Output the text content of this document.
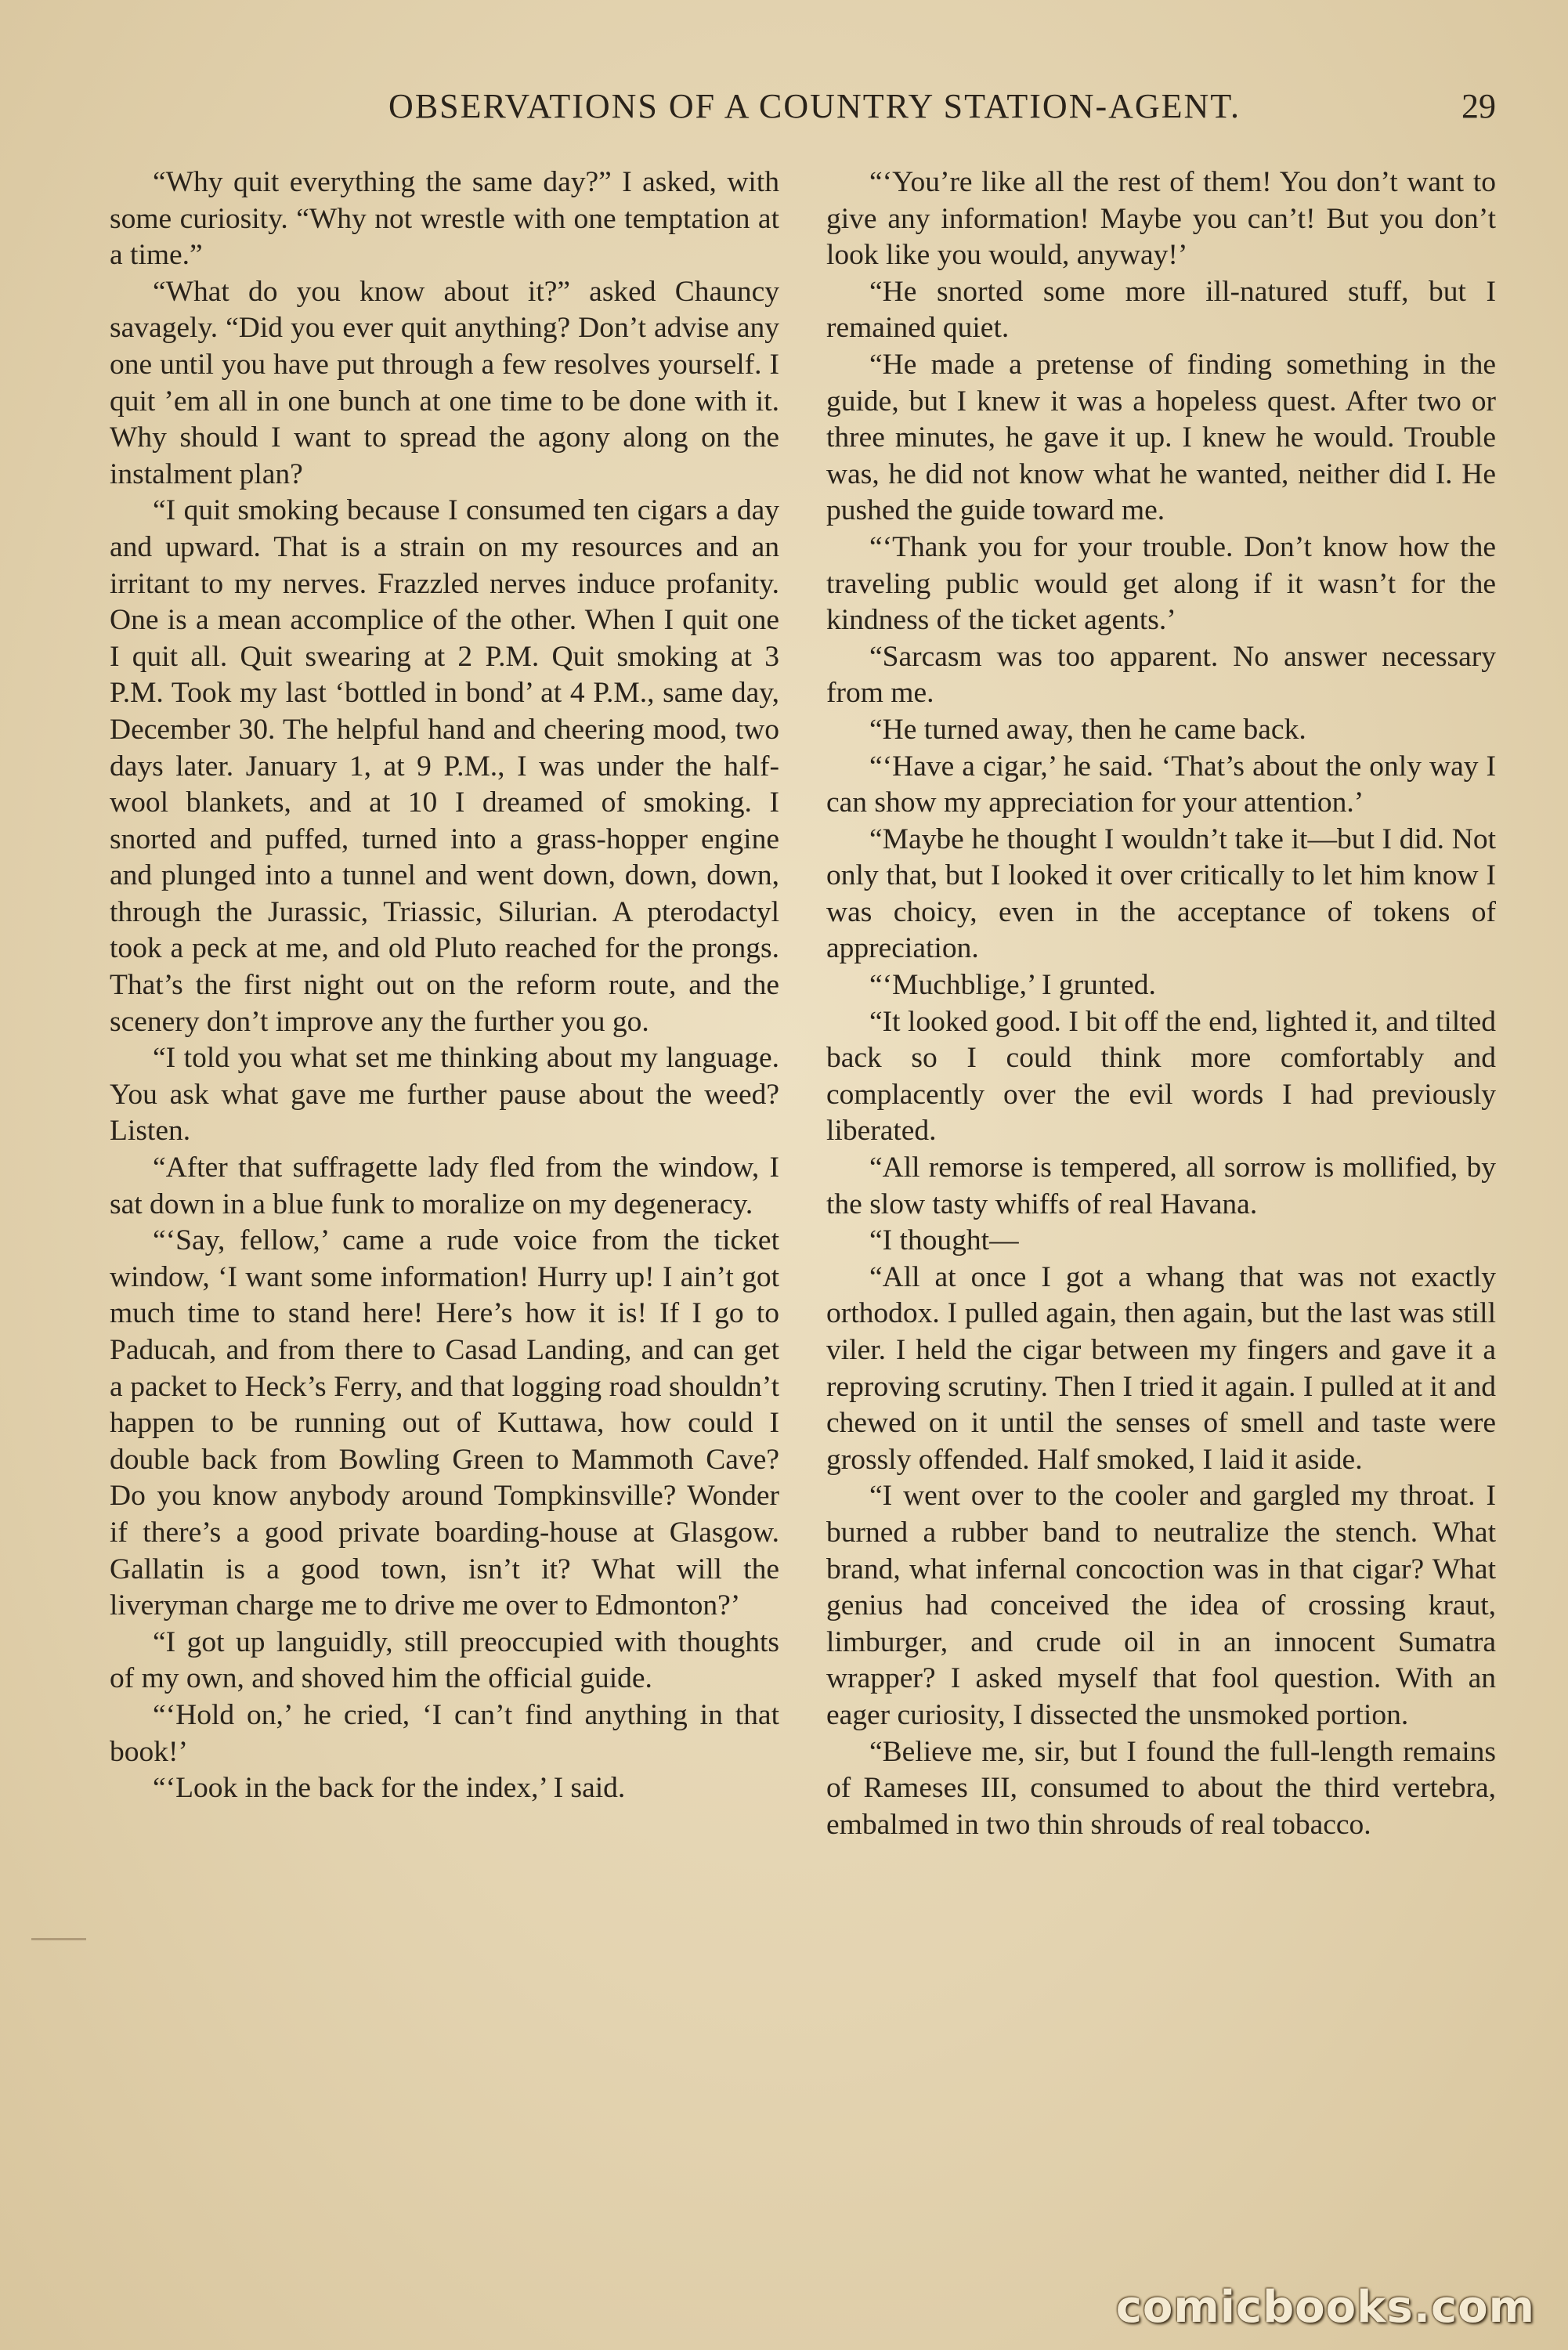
OBSERVATIONS OF A COUNTRY STATION-AGENT.	29

“Why quit everything the same day?” I asked, with some curiosity. “Why not wrestle with one temptation at a time.”

“What do you know about it?” asked Chauncy savagely. “Did you ever quit anything? Don’t advise any one until you have put through a few resolves yourself. I quit ’em all in one bunch at one time to be done with it. Why should I want to spread the agony along on the instalment plan?

“I quit smoking because I consumed ten cigars a day and upward. That is a strain on my resources and an irritant to my nerves. Frazzled nerves induce profanity. One is a mean accomplice of the other. When I quit one I quit all. Quit swearing at 2 P.M. Quit smoking at 3 P.M. Took my last ‘bottled in bond’ at 4 P.M., same day, December 30. The helpful hand and cheering mood, two days later. January 1, at 9 P.M., I was under the half-wool blankets, and at 10 I dreamed of smoking. I snorted and puffed, turned into a grass-hopper engine and plunged into a tunnel and went down, down, down, through the Jurassic, Triassic, Silurian. A pterodactyl took a peck at me, and old Pluto reached for the prongs. That’s the first night out on the reform route, and the scenery don’t improve any the further you go.

“I told you what set me thinking about my language. You ask what gave me further pause about the weed? Listen.

“After that suffragette lady fled from the window, I sat down in a blue funk to moralize on my degeneracy.

“‘Say, fellow,’ came a rude voice from the ticket window, ‘I want some information! Hurry up! I ain’t got much time to stand here! Here’s how it is! If I go to Paducah, and from there to Casad Landing, and can get a packet to Heck’s Ferry, and that logging road shouldn’t happen to be running out of Kuttawa, how could I double back from Bowling Green to Mammoth Cave? Do you know anybody around Tompkinsville? Wonder if there’s a good private boarding-house at Glasgow. Gallatin is a good town, isn’t it? What will the liveryman charge me to drive me over to Edmonton?’

“I got up languidly, still preoccupied with thoughts of my own, and shoved him the official guide.

“‘Hold on,’ he cried, ‘I can’t find anything in that book!’

“‘Look in the back for the index,’ I said.

“‘You’re like all the rest of them! You don’t want to give any information! Maybe you can’t! But you don’t look like you would, anyway!’

“He snorted some more ill-natured stuff, but I remained quiet.

“He made a pretense of finding something in the guide, but I knew it was a hopeless quest. After two or three minutes, he gave it up. I knew he would. Trouble was, he did not know what he wanted, neither did I. He pushed the guide toward me.

“‘Thank you for your trouble. Don’t know how the traveling public would get along if it wasn’t for the kindness of the ticket agents.’

“Sarcasm was too apparent. No answer necessary from me.

“He turned away, then he came back.

“‘Have a cigar,’ he said. ‘That’s about the only way I can show my appreciation for your attention.’

“Maybe he thought I wouldn’t take it—but I did. Not only that, but I looked it over critically to let him know I was choicy, even in the acceptance of tokens of appreciation.

“‘Muchblige,’ I grunted.

“It looked good. I bit off the end, lighted it, and tilted back so I could think more comfortably and complacently over the evil words I had previously liberated.

“All remorse is tempered, all sorrow is mollified, by the slow tasty whiffs of real Havana.

“I thought—

“All at once I got a whang that was not exactly orthodox. I pulled again, then again, but the last was still viler. I held the cigar between my fingers and gave it a reproving scrutiny. Then I tried it again. I pulled at it and chewed on it until the senses of smell and taste were grossly offended. Half smoked, I laid it aside.

“I went over to the cooler and gargled my throat. I burned a rubber band to neutralize the stench. What brand, what infernal concoction was in that cigar? What genius had conceived the idea of crossing kraut, limburger, and crude oil in an innocent Sumatra wrapper? I asked myself that fool question. With an eager curiosity, I dissected the unsmoked portion.

“Believe me, sir, but I found the full-length remains of Rameses III, consumed to about the third vertebra, embalmed in two thin shrouds of real tobacco.

comicbooks.com
